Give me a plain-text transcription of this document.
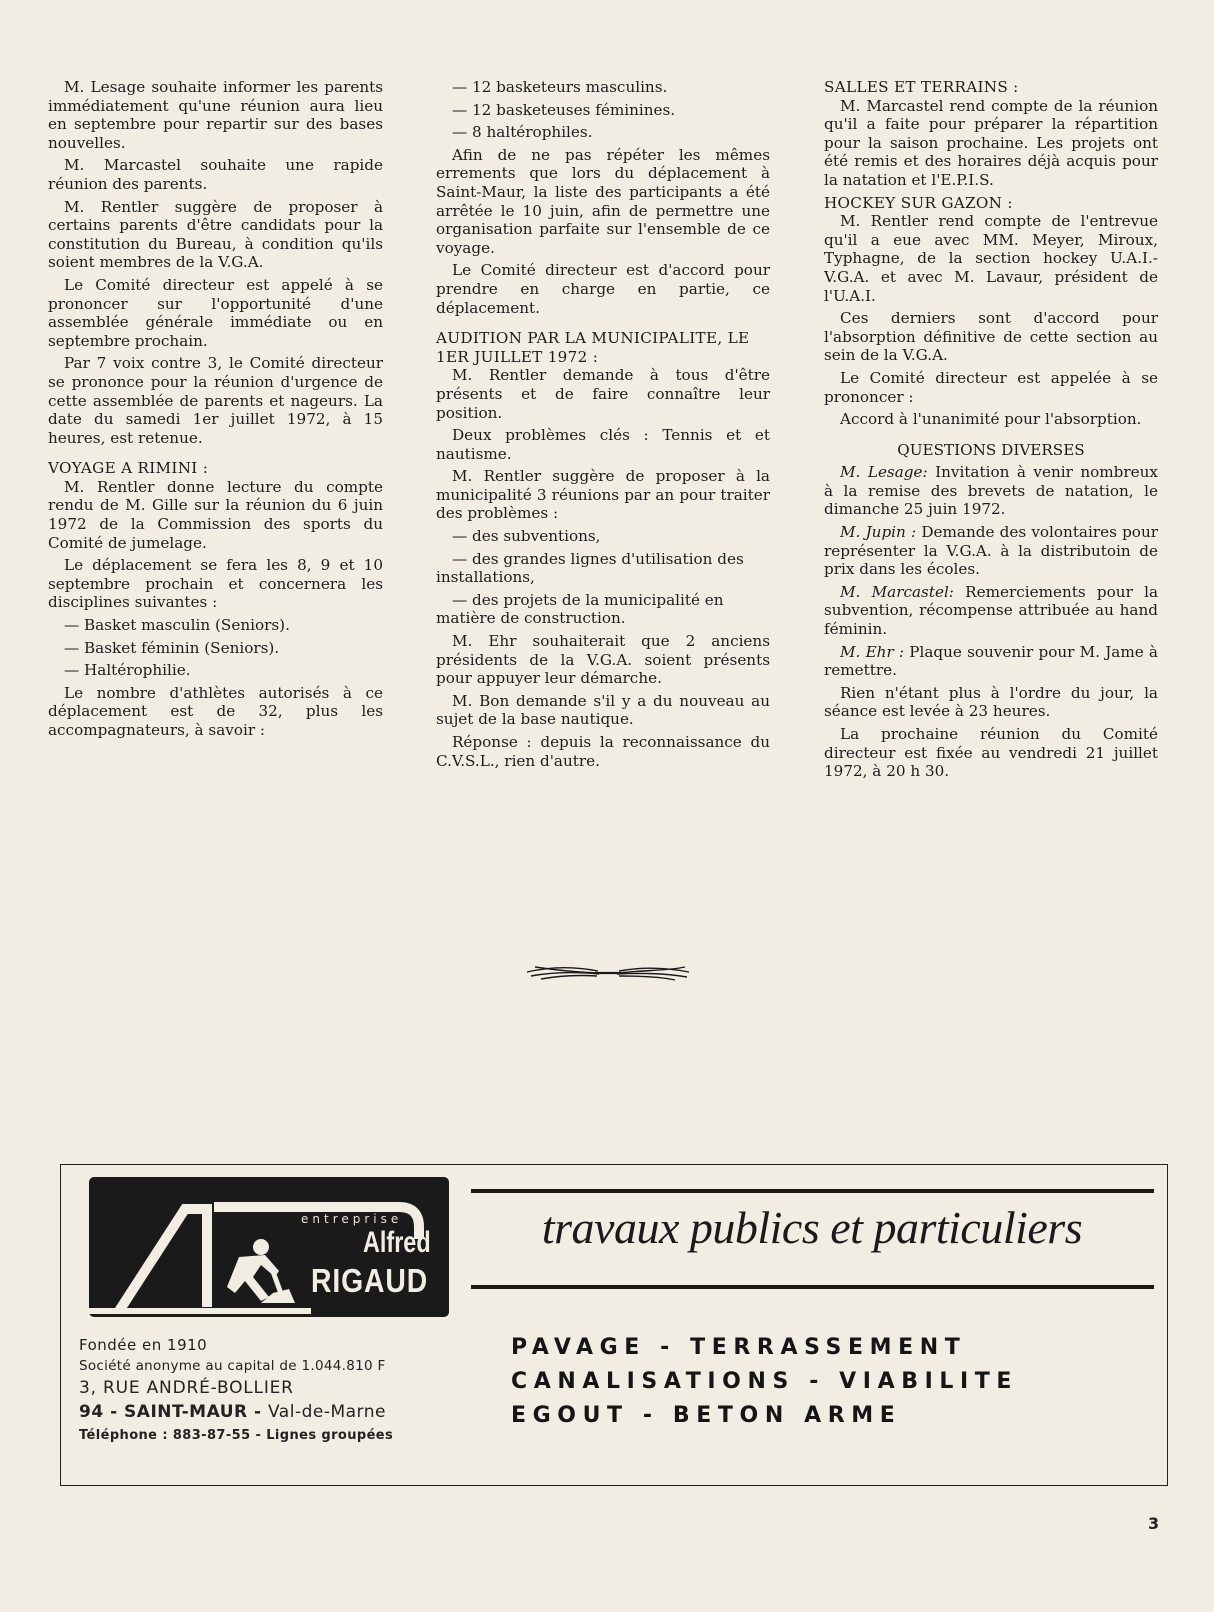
M. Lesage souhaite informer les parents immédiatement qu'une réunion aura lieu en septembre pour repartir sur des bases nouvelles.

M. Marcastel souhaite une rapide réunion des parents.

M. Rentler suggère de proposer à certains parents d'être candidats pour la constitution du Bureau, à condition qu'ils soient membres de la V.G.A.

Le Comité directeur est appelé à se prononcer sur l'opportunité d'une assemblée générale immédiate ou en septembre prochain.

Par 7 voix contre 3, le Comité directeur se prononce pour la réunion d'urgence de cette assemblée de parents et nageurs. La date du samedi 1er juillet 1972, à 15 heures, est retenue.

VOYAGE A RIMINI :

M. Rentler donne lecture du compte rendu de M. Gille sur la réunion du 6 juin 1972 de la Commission des sports du Comité de jumelage.

Le déplacement se fera les 8, 9 et 10 septembre prochain et concernera les disciplines suivantes :

— Basket masculin (Seniors).

— Basket féminin (Seniors).

— Haltérophilie.

Le nombre d'athlètes autorisés à ce déplacement est de 32, plus les accompagnateurs, à savoir :

— 12 basketeurs masculins.

— 12 basketeuses féminines.

— 8 haltérophiles.

Afin de ne pas répéter les mêmes errements que lors du déplacement à Saint-Maur, la liste des participants a été arrêtée le 10 juin, afin de permettre une organisation parfaite sur l'ensemble de ce voyage.

Le Comité directeur est d'accord pour prendre en charge en partie, ce déplacement.

AUDITION PAR LA MUNICIPALITE, LE 1ER JUILLET 1972 :

M. Rentler demande à tous d'être présents et de faire connaître leur position.

Deux problèmes clés : Tennis et et nautisme.

M. Rentler suggère de proposer à la municipalité 3 réunions par an pour traiter des problèmes :

— des subventions,

— des grandes lignes d'utilisation des installations,

— des projets de la municipalité en matière de construction.

M. Ehr souhaiterait que 2 anciens présidents de la V.G.A. soient présents pour appuyer leur démarche.

M. Bon demande s'il y a du nouveau au sujet de la base nautique.

Réponse : depuis la reconnaissance du C.V.S.L., rien d'autre.

SALLES ET TERRAINS :

M. Marcastel rend compte de la réunion qu'il a faite pour préparer la répartition pour la saison prochaine. Les projets ont été remis et des horaires déjà acquis pour la natation et l'E.P.I.S.

HOCKEY SUR GAZON :

M. Rentler rend compte de l'entrevue qu'il a eue avec MM. Meyer, Miroux, Typhagne, de la section hockey U.A.I.-V.G.A. et avec M. Lavaur, président de l'U.A.I.

Ces derniers sont d'accord pour l'absorption définitive de cette section au sein de la V.G.A.

Le Comité directeur est appelée à se prononcer :

Accord à l'unanimité pour l'absorption.

QUESTIONS DIVERSES

M. Lesage: Invitation à venir nombreux à la remise des brevets de natation, le dimanche 25 juin 1972.

M. Jupin : Demande des volontaires pour représenter la V.G.A. à la distributoin de prix dans les écoles.

M. Marcastel: Remerciements pour la subvention, récompense attribuée au hand féminin.

M. Ehr : Plaque souvenir pour M. Jame à remettre.

Rien n'étant plus à l'ordre du jour, la séance est levée à 23 heures.

La prochaine réunion du Comité directeur est fixée au vendredi 21 juillet 1972, à 20 h 30.

entreprise
Alfred
RIGAUD
travaux publics et particuliers
Fondée en 1910
Société anonyme au capital de 1.044.810 F
3, RUE ANDRÉ-BOLLIER
94 - SAINT-MAUR - Val-de-Marne
Téléphone : 883-87-55 - Lignes groupées
PAVAGE - TERRASSEMENT
CANALISATIONS - VIABILITE
EGOUT - BETON ARME
3
